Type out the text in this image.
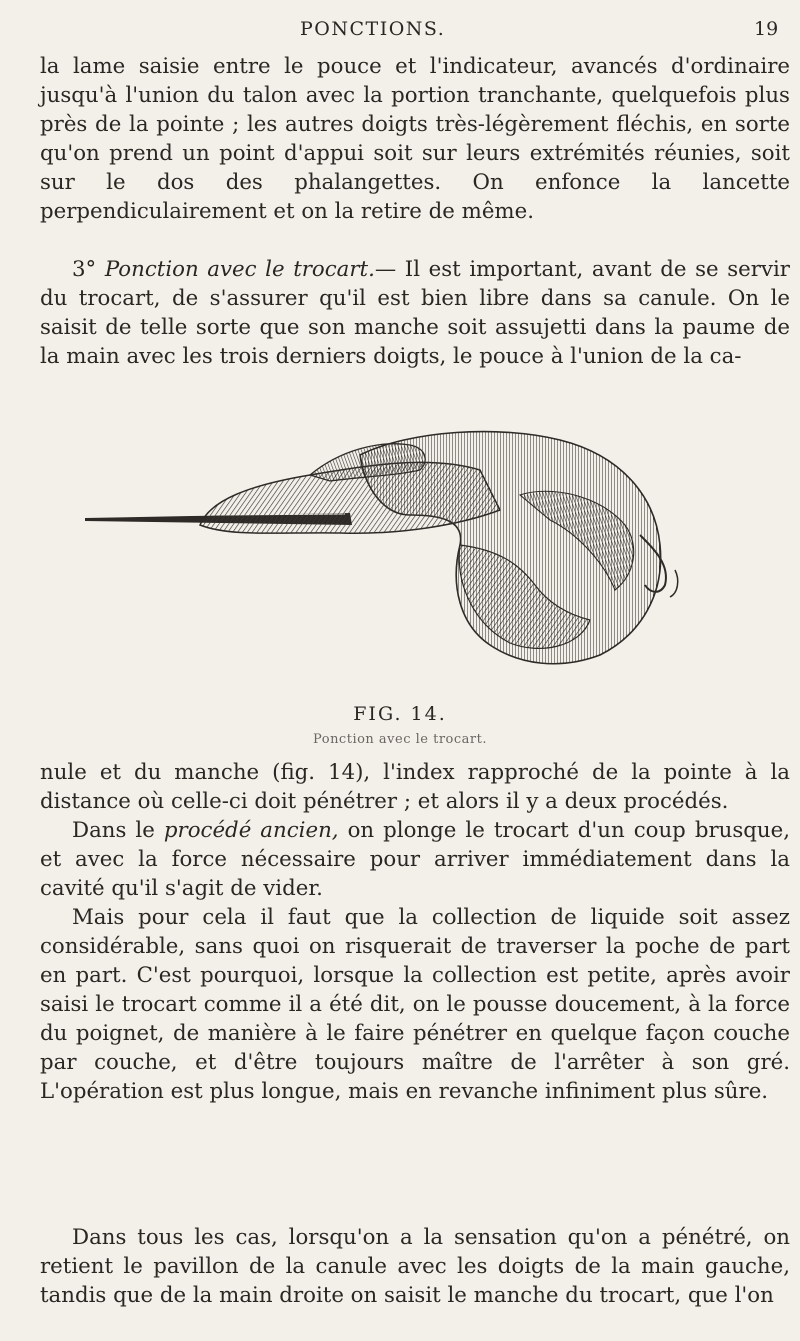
PONCTIONS.	19

la lame saisie entre le pouce et l'indicateur, avancés d'ordinaire jusqu'à l'union du talon avec la portion tranchante, quelquefois plus près de la pointe ; les autres doigts très-légèrement fléchis, en sorte qu'on prend un point d'appui soit sur leurs extrémités réunies, soit sur le dos des phalangettes. On enfonce la lancette perpendiculairement et on la retire de même.

3° Ponction avec le trocart.— Il est important, avant de se servir du trocart, de s'assurer qu'il est bien libre dans sa canule. On le saisit de telle sorte que son manche soit assujetti dans la paume de la main avec les trois derniers doigts, le pouce à l'union de la ca-

FIG. 14.

Ponction avec le trocart.

nule et du manche (fig. 14), l'index rapproché de la pointe à la distance où celle-ci doit pénétrer ; et alors il y a deux procédés.

Dans le procédé ancien, on plonge le trocart d'un coup brusque, et avec la force nécessaire pour arriver immédiatement dans la cavité qu'il s'agit de vider.

Mais pour cela il faut que la collection de liquide soit assez considérable, sans quoi on risquerait de traverser la poche de part en part. C'est pourquoi, lorsque la collection est petite, après avoir saisi le trocart comme il a été dit, on le pousse doucement, à la force du poignet, de manière à le faire pénétrer en quelque façon couche par couche, et d'être toujours maître de l'arrêter à son gré. L'opération est plus longue, mais en revanche infiniment plus sûre.

Dans tous les cas, lorsqu'on a la sensation qu'on a pénétré, on retient le pavillon de la canule avec les doigts de la main gauche, tandis que de la main droite on saisit le manche du trocart, que l'on
